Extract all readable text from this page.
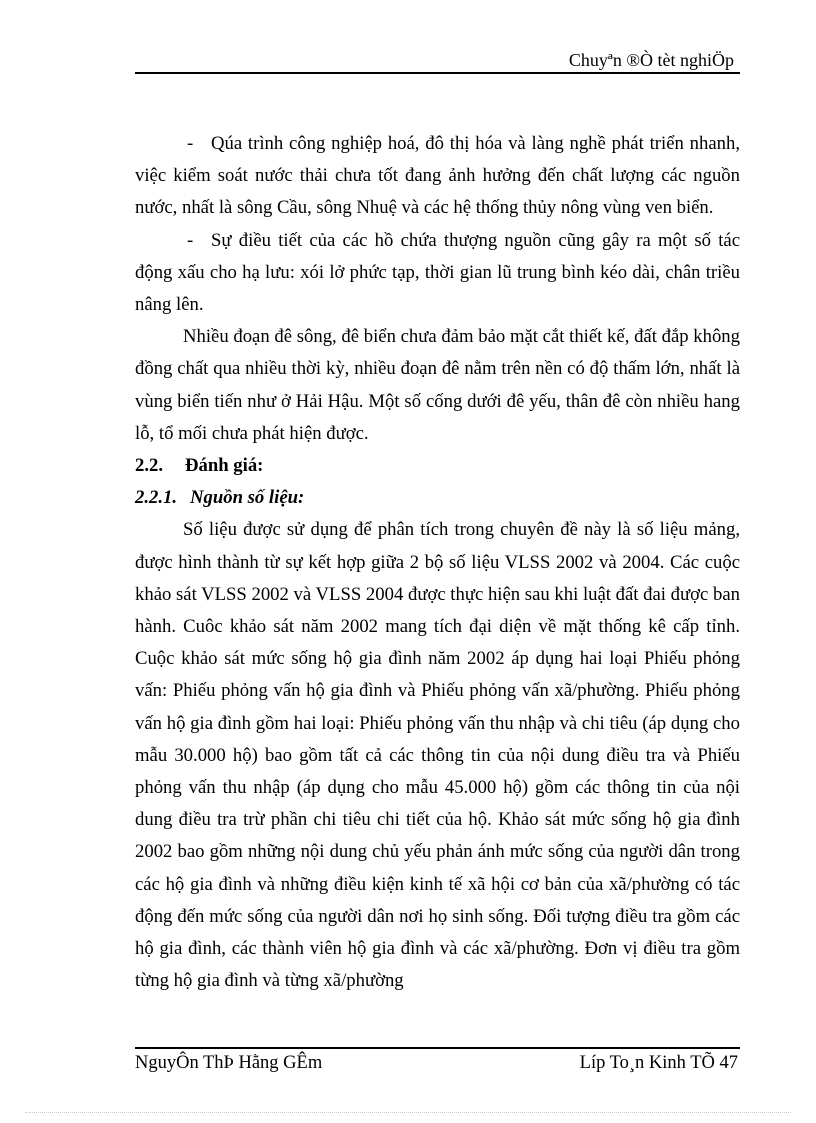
Chuyªn ®Ò tèt nghiÖp

- Qúa trình công nghiệp hoá, đô thị hóa và làng nghề phát triển nhanh, việc kiểm soát nước thải chưa tốt đang ảnh hưởng đến chất lượng các nguồn nước, nhất là sông Cầu, sông Nhuệ và các hệ thống thủy nông vùng ven biển.

- Sự điều tiết của các hồ chứa thượng nguồn cũng gây ra một số tác động xấu cho hạ lưu: xói lở phức tạp, thời gian lũ trung bình kéo dài, chân triều nâng lên.

Nhiều đoạn đê sông, đê biển chưa đảm bảo mặt cắt thiết kế, đất đắp không đồng chất qua nhiều thời kỳ, nhiều đoạn đê nằm trên nền có độ thấm lớn, nhất là vùng biển tiến như ở Hải Hậu. Một số cống dưới đê yếu, thân đê còn nhiều hang lỗ, tổ mối chưa phát hiện được.

2.2. Đánh giá:

2.2.1. Nguồn số liệu:

Số liệu được sử dụng để phân tích trong chuyên đề này là số liệu mảng, được hình thành từ sự kết hợp giữa 2 bộ số liệu VLSS 2002 và 2004. Các cuộc khảo sát VLSS 2002 và VLSS 2004 được thực hiện sau khi luật đất đai được ban hành. Cuôc khảo sát năm 2002 mang tích đại diện về mặt thống kê cấp tỉnh. Cuộc khảo sát mức sống hộ gia đình năm 2002 áp dụng hai loại Phiếu phỏng vấn: Phiếu phỏng vấn hộ gia đình và Phiếu phỏng vấn xã/phường. Phiếu phỏng vấn hộ gia đình gồm hai loại: Phiếu phỏng vấn thu nhập và chi tiêu (áp dụng cho mẫu 30.000 hộ) bao gồm tất cả các thông tin của nội dung điều tra và Phiếu phỏng vấn thu nhập (áp dụng cho mẫu 45.000 hộ) gồm các thông tin của nội dung điều tra trừ phần chi tiêu chi tiết của hộ. Khảo sát mức sống hộ gia đình 2002 bao gồm những nội dung chủ yếu phản ánh mức sống của người dân trong các hộ gia đình và những điều kiện kinh tế xã hội cơ bản của xã/phường có tác động đến mức sống của người dân nơi họ sinh sống. Đối tượng điều tra gồm các hộ gia đình, các thành viên hộ gia đình và các xã/phường. Đơn vị điều tra gồm từng hộ gia đình và từng xã/phường

NguyÔn ThÞ Hằng GÊm	Líp To¸n Kinh TÕ 47
